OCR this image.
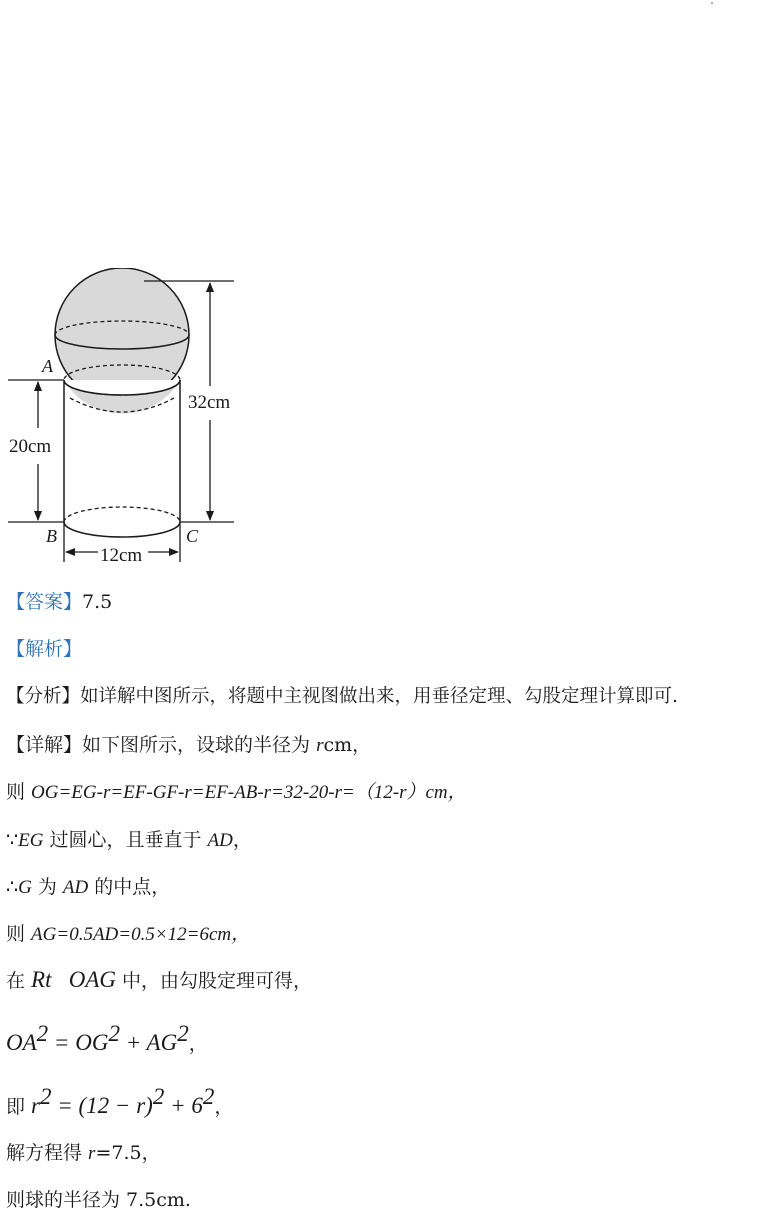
32cm
20cm
12cm
A
B	C
【答案】7.5
【解析】
【分析】如详解中图所示，将题中主视图做出来，用垂径定理、勾股定理计算即可.
【详解】如下图所示，设球的半径为 rcm，
则 OG=EG-r=EF-GF-r=EF-AB-r=32-20-r=（12-r）cm，
∵EG 过圆心，且垂直于 AD，
∴G 为 AD 的中点，
则 AG=0.5AD=0.5×12=6cm，
在 Rt   OAG 中，由勾股定理可得，
$OA^2 = OG^2 + AG^2$，
即 $r^2 = (12 - r)^2 + 6^2$，
解方程得 r=7.5，
则球的半径为 7.5cm.
